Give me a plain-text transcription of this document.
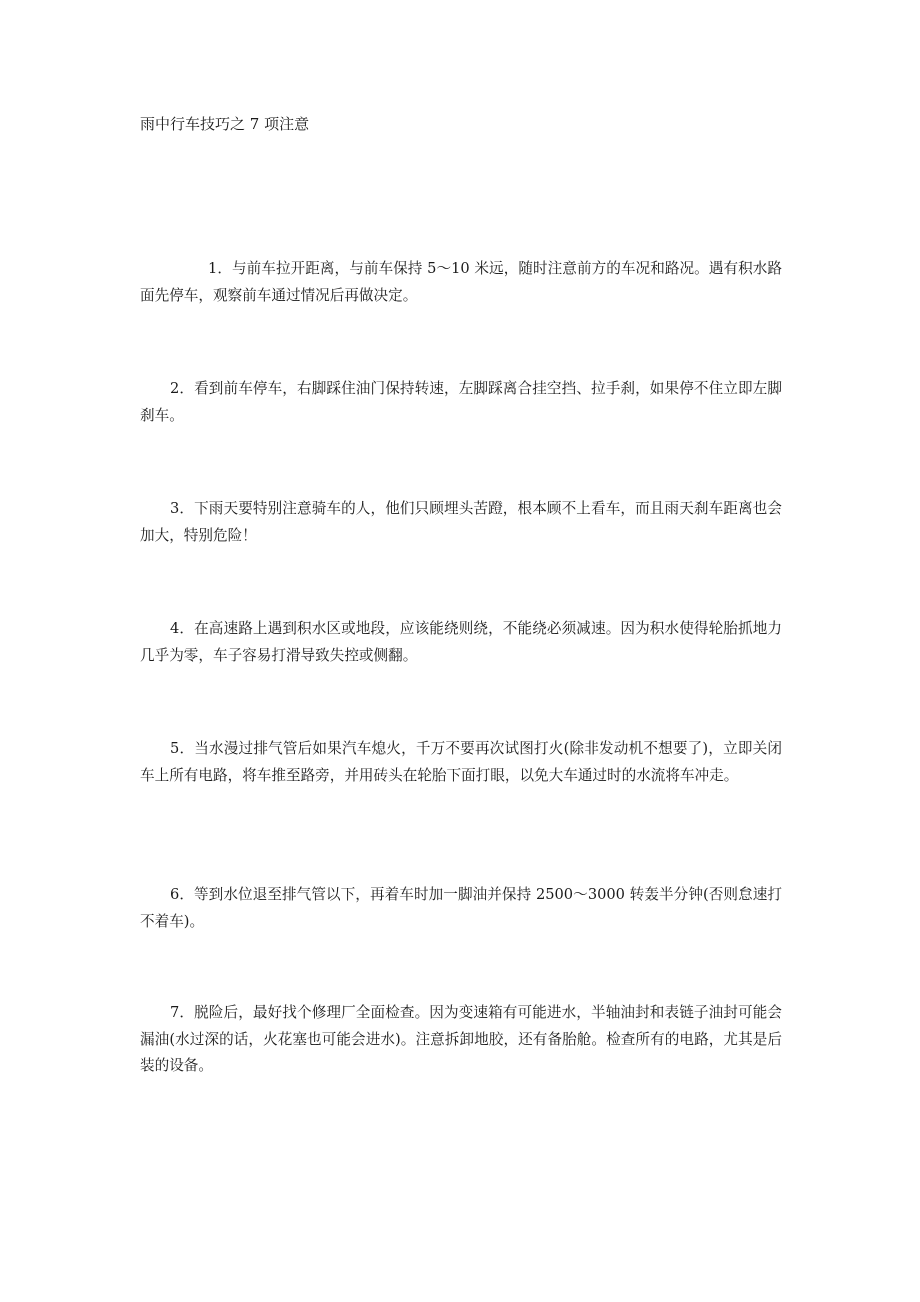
雨中行车技巧之 7 项注意

1．与前车拉开距离，与前车保持 5～10 米远，随时注意前方的车况和路况。遇有积水路面先停车，观察前车通过情况后再做决定。

2．看到前车停车，右脚踩住油门保持转速，左脚踩离合挂空挡、拉手刹，如果停不住立即左脚刹车。

3．下雨天要特别注意骑车的人，他们只顾埋头苦蹬，根本顾不上看车，而且雨天刹车距离也会加大，特别危险！

4．在高速路上遇到积水区或地段，应该能绕则绕，不能绕必须减速。因为积水使得轮胎抓地力几乎为零，车子容易打滑导致失控或侧翻。

5．当水漫过排气管后如果汽车熄火，千万不要再次试图打火(除非发动机不想要了)，立即关闭车上所有电路，将车推至路旁，并用砖头在轮胎下面打眼，以免大车通过时的水流将车冲走。

6．等到水位退至排气管以下，再着车时加一脚油并保持 2500～3000 转轰半分钟(否则怠速打不着车)。

7．脱险后，最好找个修理厂全面检查。因为变速箱有可能进水，半轴油封和表链子油封可能会漏油(水过深的话，火花塞也可能会进水)。注意拆卸地胶，还有备胎舱。检查所有的电路，尤其是后装的设备。
